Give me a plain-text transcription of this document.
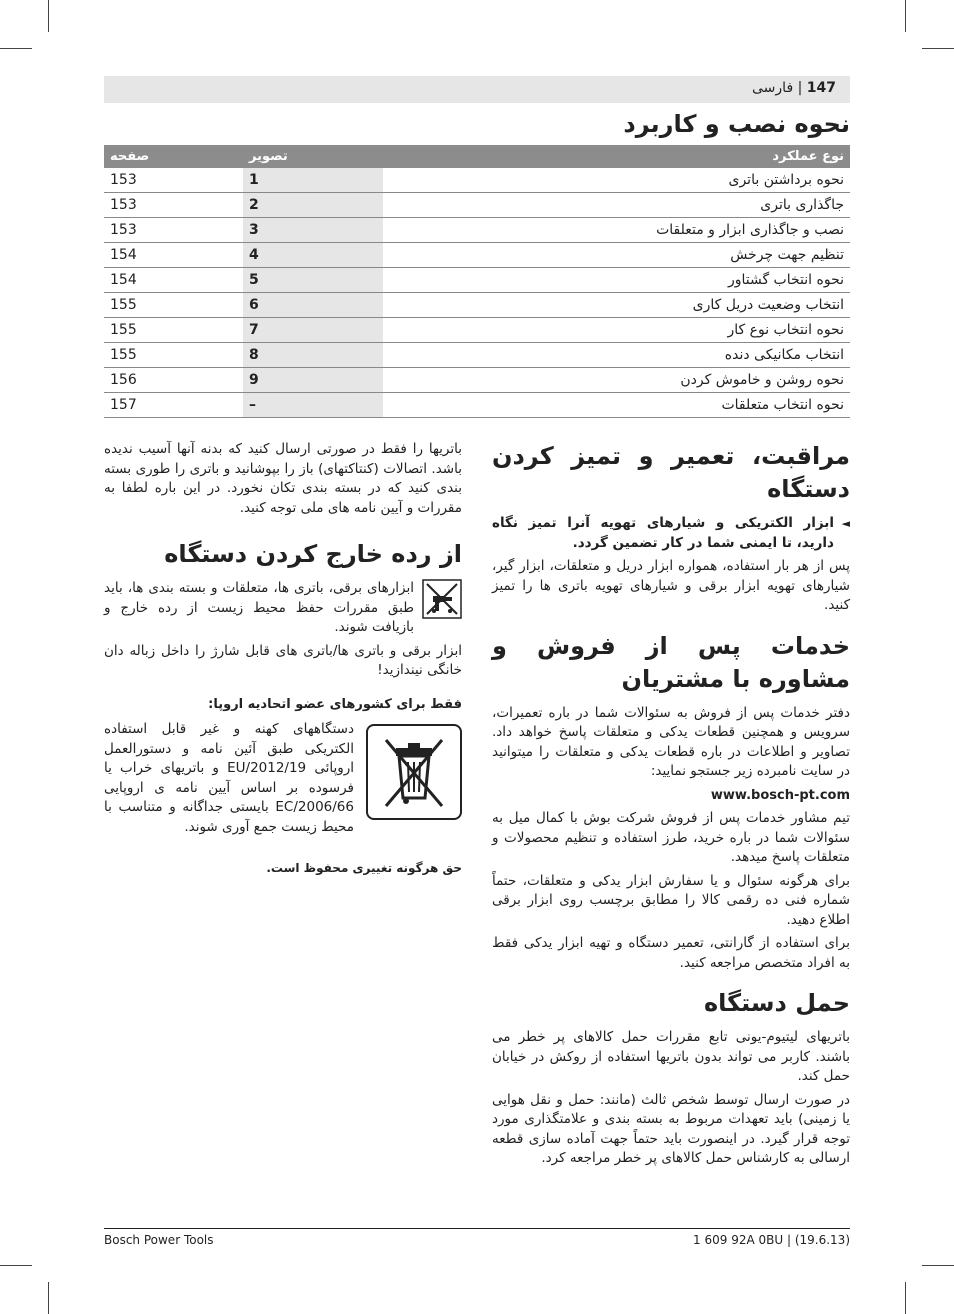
147 | فارسی
نحوه نصب و کاربرد
صفحه	تصویر	نوع عملکرد
153	1	نحوه برداشتن باتری
153	2	جاگذاری باتری
153	3	نصب و جاگذاری ابزار و متعلقات
154	4	تنظیم جهت چرخش
154	5	نحوه انتخاب گشتاور
155	6	انتخاب وضعیت دریل کاری
155	7	نحوه انتخاب نوع کار
155	8	انتخاب مکانیکی دنده
156	9	نحوه روشن و خاموش کردن
157	–	نحوه انتخاب متعلقات
مراقبت، تعمیر و تمیز کردن دستگاه

◄
ابزار الکتریکی و شیارهای تهویه آنرا تمیز نگاه دارید، تا ایمنی شما در کار تضمین گردد.

پس از هر بار استفاده، همواره ابزار دریل و متعلقات، ابزار گیر، شیارهای تهویه ابزار برقی و شیارهای تهویه باتری ها را تمیز کنید.

خدمات پس از فروش و مشاوره با مشتریان

دفتر خدمات پس از فروش به سئوالات شما در باره تعمیرات، سرویس و همچنین قطعات یدکی و متعلقات پاسخ خواهد داد. تصاویر و اطلاعات در باره قطعات یدکی و متعلقات را میتوانید در سایت نامبرده زیر جستجو نمایید:

www.bosch-pt.com

تیم مشاور خدمات پس از فروش شرکت بوش با کمال میل به سئوالات شما در باره خرید، طرز استفاده و تنظیم محصولات و متعلقات پاسخ میدهد.

برای هرگونه سئوال و یا سفارش ابزار یدکی و متعلقات، حتماً شماره فنی ده رقمی کالا را مطابق برچسب روی ابزار برقی اطلاع دهید.

برای استفاده از گارانتی، تعمیر دستگاه و تهیه ابزار یدکی فقط به افراد متخصص مراجعه کنید.

حمل دستگاه

باتریهای لیتیوم-یونی تابع مقررات حمل کالاهای پر خطر می باشند. کاربر می تواند بدون باتریها استفاده از روکش در خیابان حمل کند.

در صورت ارسال توسط شخص ثالث (مانند: حمل و نقل هوایی یا زمینی) باید تعهدات مربوط به بسته بندی و علامتگذاری مورد توجه قرار گیرد. در اینصورت باید حتماً جهت آماده سازی قطعه ارسالی به کارشناس حمل کالاهای پر خطر مراجعه کرد.

باتریها را فقط در صورتی ارسال کنید که بدنه آنها آسیب ندیده باشد. اتصالات (کنتاکتهای) باز را بپوشانید و باتری را طوری بسته بندی کنید که در بسته بندی تکان نخورد. در این باره لطفا به مقررات و آیین نامه های ملی توجه کنید.

از رده خارج کردن دستگاه

ابزارهای برقی، باتری ها، متعلقات و بسته بندی ها، باید طبق مقررات حفظ محیط زیست از رده خارج و بازیافت شوند.

ابزار برقی و باتری ها/باتری های قابل شارژ را داخل زباله دان خانگی نیندازید!

فقط برای کشورهای عضو اتحادیه اروپا:

دستگاههای کهنه و غیر قابل استفاده الکتریکی طبق آئین نامه و دستورالعمل اروپائی 2012/19/EU و باتریهای خراب یا فرسوده بر اساس آیین نامه ی اروپایی 2006/66/EC بایستی جداگانه و متناسب با محیط زیست جمع آوری شوند.

حق هرگونه تغییری محفوظ است.

Bosch Power Tools	1 609 92A 0BU | (19.6.13)
